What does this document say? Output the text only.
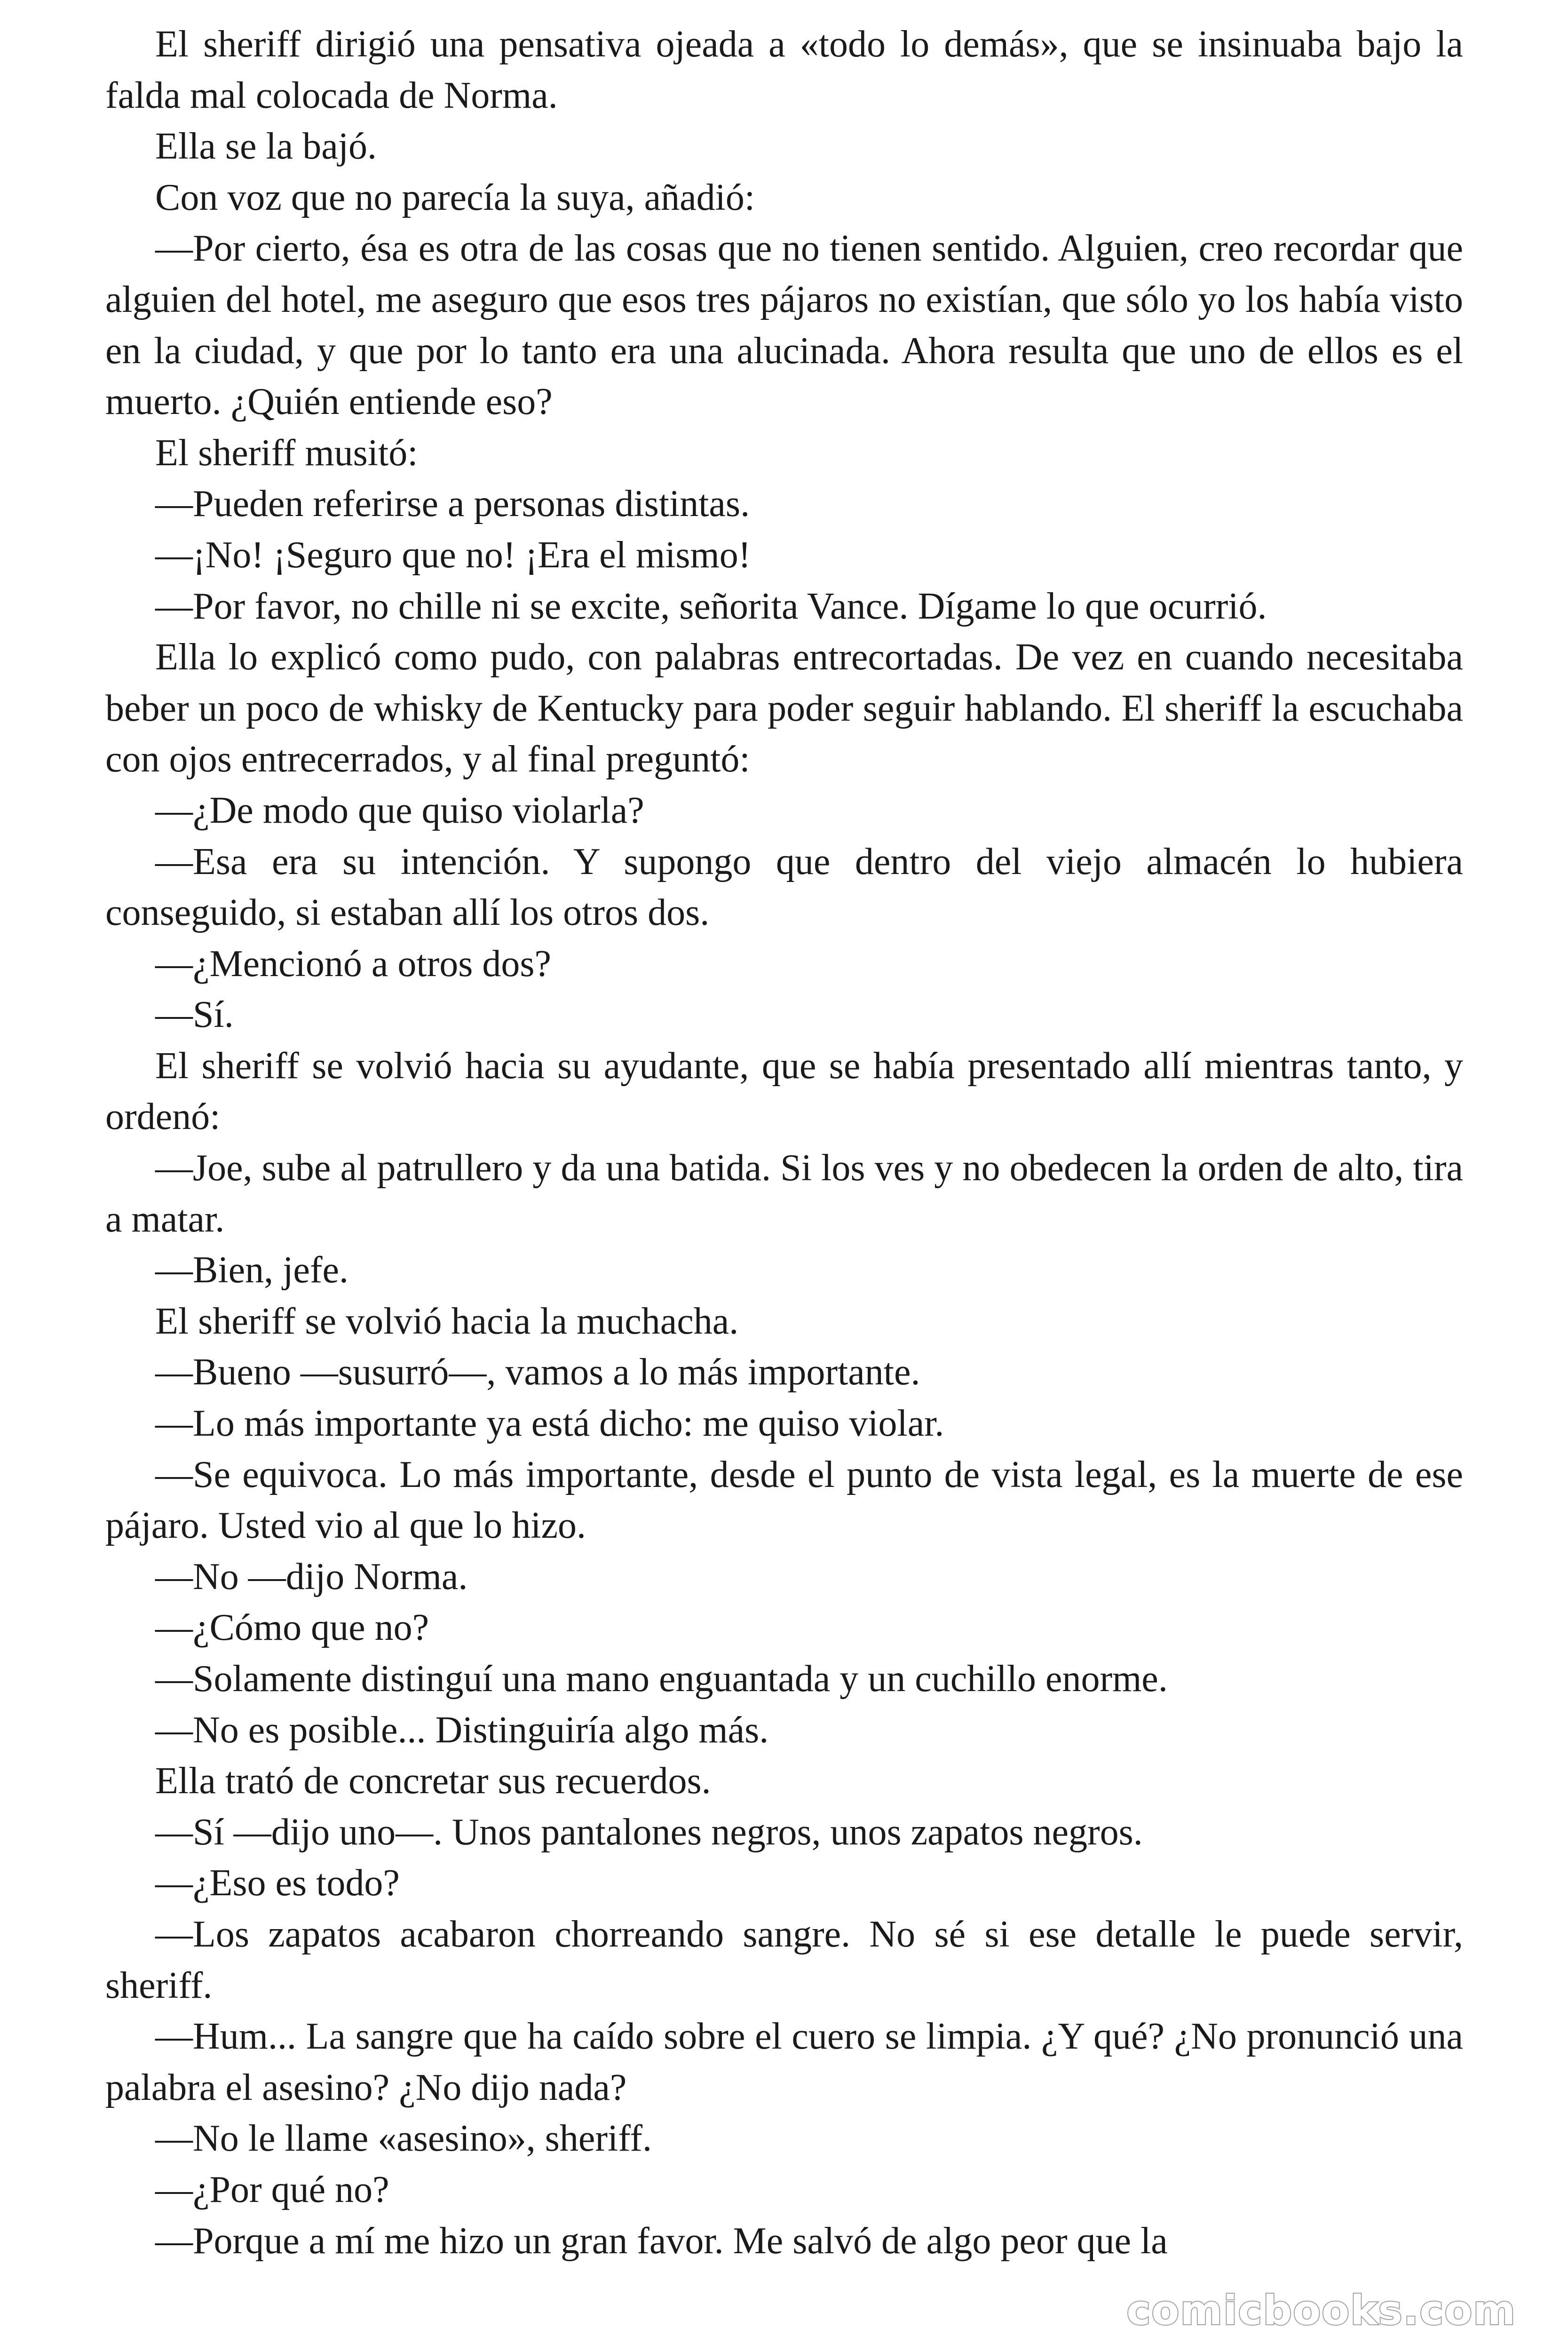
El sheriff dirigió una pensativa ojeada a «todo lo demás», que se insinuaba bajo la falda mal colocada de Norma.

Ella se la bajó.

Con voz que no parecía la suya, añadió:

—Por cierto, ésa es otra de las cosas que no tienen sentido. Alguien, creo recordar que alguien del hotel, me aseguro que esos tres pájaros no existían, que sólo yo los había visto en la ciudad, y que por lo tanto era una alucinada. Ahora resulta que uno de ellos es el muerto. ¿Quién entiende eso?

El sheriff musitó:

—Pueden referirse a personas distintas.

—¡No! ¡Seguro que no! ¡Era el mismo!

—Por favor, no chille ni se excite, señorita Vance. Dígame lo que ocurrió.

Ella lo explicó como pudo, con palabras entrecortadas. De vez en cuando necesitaba beber un poco de whisky de Kentucky para poder seguir hablando. El sheriff la escuchaba con ojos entrecerrados, y al final preguntó:

—¿De modo que quiso violarla?

—Esa era su intención. Y supongo que dentro del viejo almacén lo hubiera conseguido, si estaban allí los otros dos.

—¿Mencionó a otros dos?

—Sí.

El sheriff se volvió hacia su ayudante, que se había presentado allí mientras tanto, y ordenó:

—Joe, sube al patrullero y da una batida. Si los ves y no obedecen la orden de alto, tira a matar.

—Bien, jefe.

El sheriff se volvió hacia la muchacha.

—Bueno —susurró—, vamos a lo más importante.

—Lo más importante ya está dicho: me quiso violar.

—Se equivoca. Lo más importante, desde el punto de vista legal, es la muerte de ese pájaro. Usted vio al que lo hizo.

—No —dijo Norma.

—¿Cómo que no?

—Solamente distinguí una mano enguantada y un cuchillo enorme.

—No es posible... Distinguiría algo más.

Ella trató de concretar sus recuerdos.

—Sí —dijo uno—. Unos pantalones negros, unos zapatos negros.

—¿Eso es todo?

—Los zapatos acabaron chorreando sangre. No sé si ese detalle le puede servir, sheriff.

—Hum... La sangre que ha caído sobre el cuero se limpia. ¿Y qué? ¿No pronunció una palabra el asesino? ¿No dijo nada?

—No le llame «asesino», sheriff.

—¿Por qué no?

—Porque a mí me hizo un gran favor. Me salvó de algo peor que la

comicbooks.com
